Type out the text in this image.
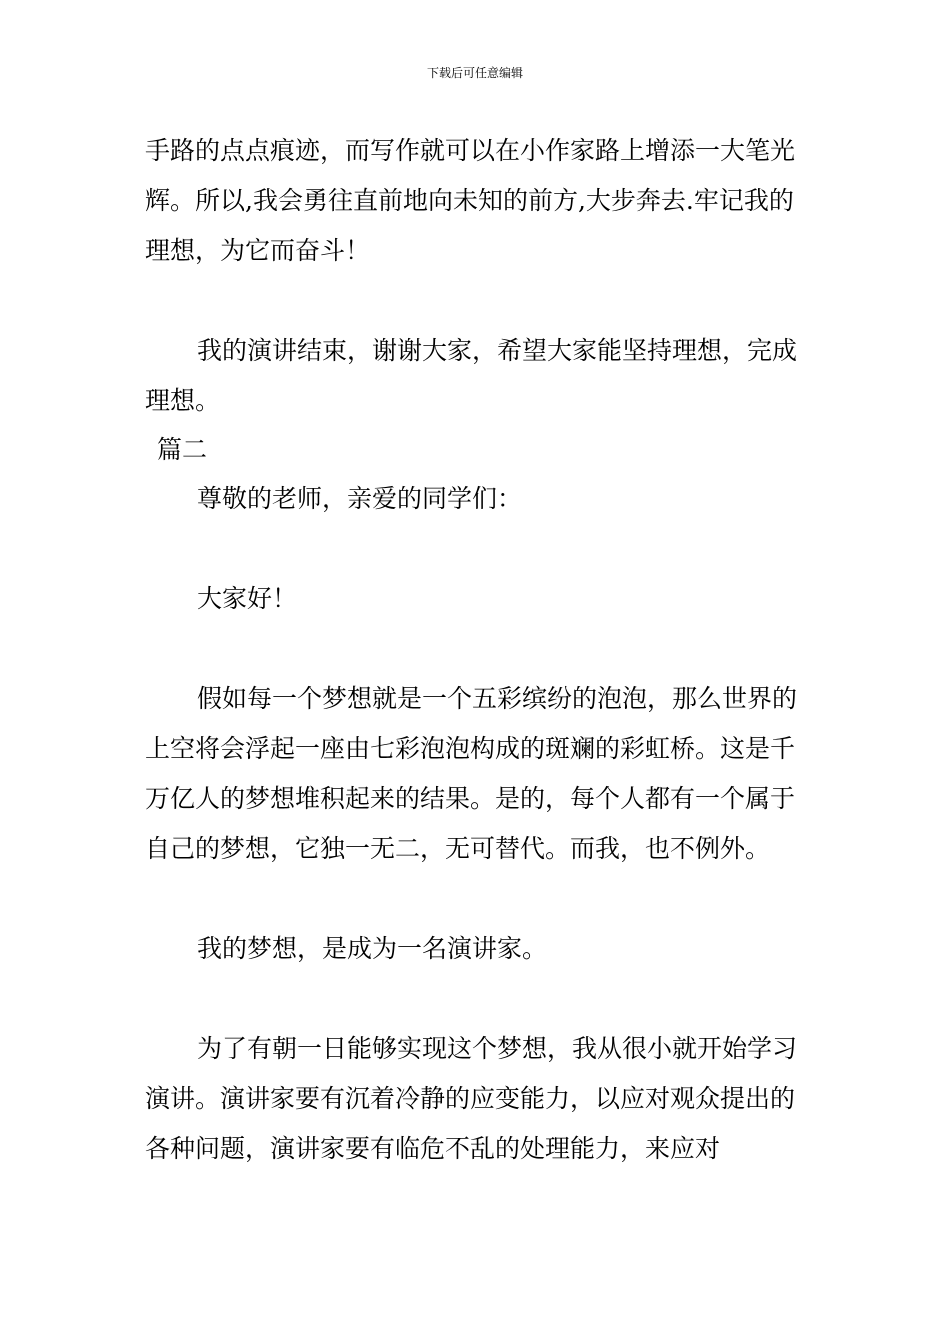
下载后可任意编辑

手路的点点痕迹，而写作就可以在小作家路上增添一大笔光辉。所以,我会勇往直前地向未知的前方,大步奔去.牢记我的理想，为它而奋斗！

我的演讲结束，谢谢大家，希望大家能坚持理想，完成理想。

篇二

尊敬的老师，亲爱的同学们：

大家好！

假如每一个梦想就是一个五彩缤纷的泡泡，那么世界的上空将会浮起一座由七彩泡泡构成的斑斓的彩虹桥。这是千万亿人的梦想堆积起来的结果。是的，每个人都有一个属于自己的梦想，它独一无二，无可替代。而我，也不例外。

我的梦想，是成为一名演讲家。

为了有朝一日能够实现这个梦想，我从很小就开始学习演讲。演讲家要有沉着冷静的应变能力，以应对观众提出的各种问题，演讲家要有临危不乱的处理能力，来应对
